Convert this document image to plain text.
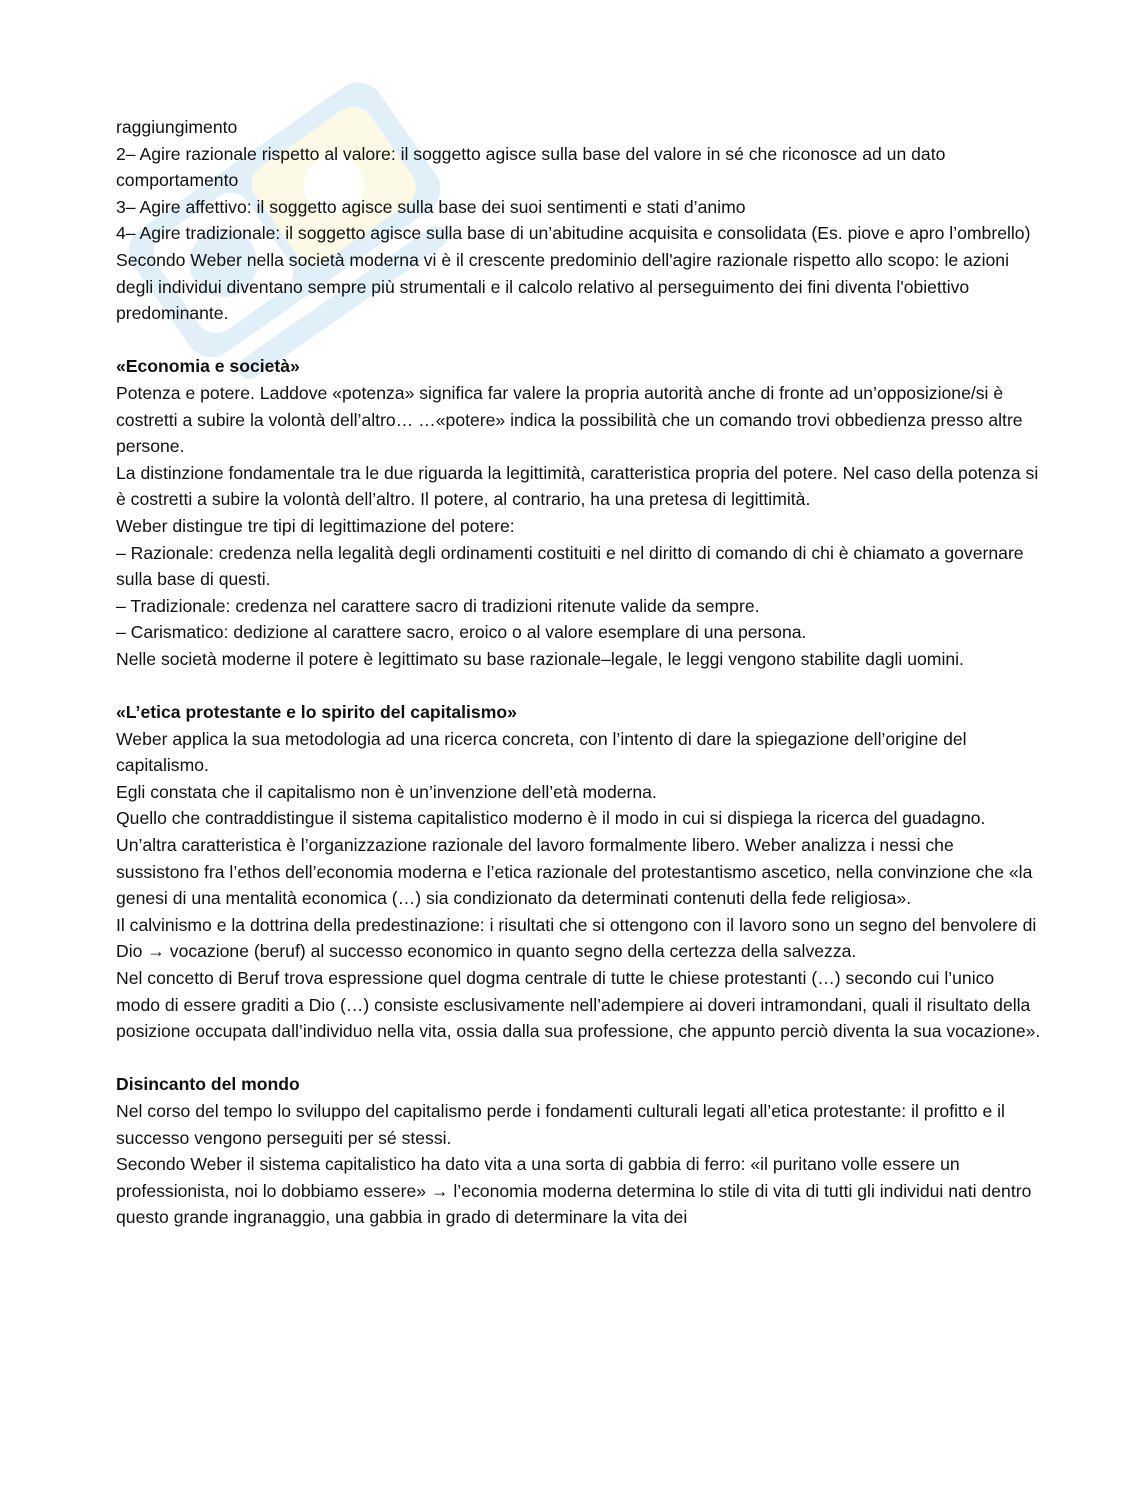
raggiungimento

2– Agire razionale rispetto al valore: il soggetto agisce sulla base del valore in sé che riconosce ad un dato comportamento

3– Agire affettivo: il soggetto agisce sulla base dei suoi sentimenti e stati d’animo

4– Agire tradizionale: il soggetto agisce sulla base di un’abitudine acquisita e consolidata (Es. piove e apro l’ombrello)

Secondo Weber nella società moderna vi è il crescente predominio dell'agire razionale rispetto allo scopo: le azioni degli individui diventano sempre più strumentali e il calcolo relativo al perseguimento dei fini diventa l'obiettivo predominante.

«Economia e società»

Potenza e potere. Laddove «potenza» significa far valere la propria autorità anche di fronte ad un’opposizione/si è costretti a subire la volontà dell’altro… …«potere» indica la possibilità che un comando trovi obbedienza presso altre persone.

La distinzione fondamentale tra le due riguarda la legittimità, caratteristica propria del potere. Nel caso della potenza si è costretti a subire la volontà dell’altro. Il potere, al contrario, ha una pretesa di legittimità.

Weber distingue tre tipi di legittimazione del potere:

– Razionale: credenza nella legalità degli ordinamenti costituiti e nel diritto di comando di chi è chiamato a governare sulla base di questi.

– Tradizionale: credenza nel carattere sacro di tradizioni ritenute valide da sempre.

– Carismatico: dedizione al carattere sacro, eroico o al valore esemplare di una persona.

Nelle società moderne il potere è legittimato su base razionale–legale, le leggi vengono stabilite dagli uomini.

«L’etica protestante e lo spirito del capitalismo»

Weber applica la sua metodologia ad una ricerca concreta, con l’intento di dare la spiegazione dell’origine del capitalismo.

Egli constata che il capitalismo non è un’invenzione dell’età moderna.

Quello che contraddistingue il sistema capitalistico moderno è il modo in cui si dispiega la ricerca del guadagno. Un’altra caratteristica è l’organizzazione razionale del lavoro formalmente libero. Weber analizza i nessi che sussistono fra l’ethos dell’economia moderna e l’etica razionale del protestantismo ascetico, nella convinzione che «la genesi di una mentalità economica (…) sia condizionato da determinati contenuti della fede religiosa».

Il calvinismo e la dottrina della predestinazione: i risultati che si ottengono con il lavoro sono un segno del benvolere di Dio → vocazione (beruf) al successo economico in quanto segno della certezza della salvezza.

Nel concetto di Beruf trova espressione quel dogma centrale di tutte le chiese protestanti (…) secondo cui l’unico modo di essere graditi a Dio (…) consiste esclusivamente nell’adempiere ai doveri intramondani, quali il risultato della posizione occupata dall’individuo nella vita, ossia dalla sua professione, che appunto perciò diventa la sua vocazione».

Disincanto del mondo

Nel corso del tempo lo sviluppo del capitalismo perde i fondamenti culturali legati all’etica protestante: il profitto e il successo vengono perseguiti per sé stessi.

Secondo Weber il sistema capitalistico ha dato vita a una sorta di gabbia di ferro: «il puritano volle essere un professionista, noi lo dobbiamo essere» → l’economia moderna determina lo stile di vita di tutti gli individui nati dentro questo grande ingranaggio, una gabbia in grado di determinare la vita dei
